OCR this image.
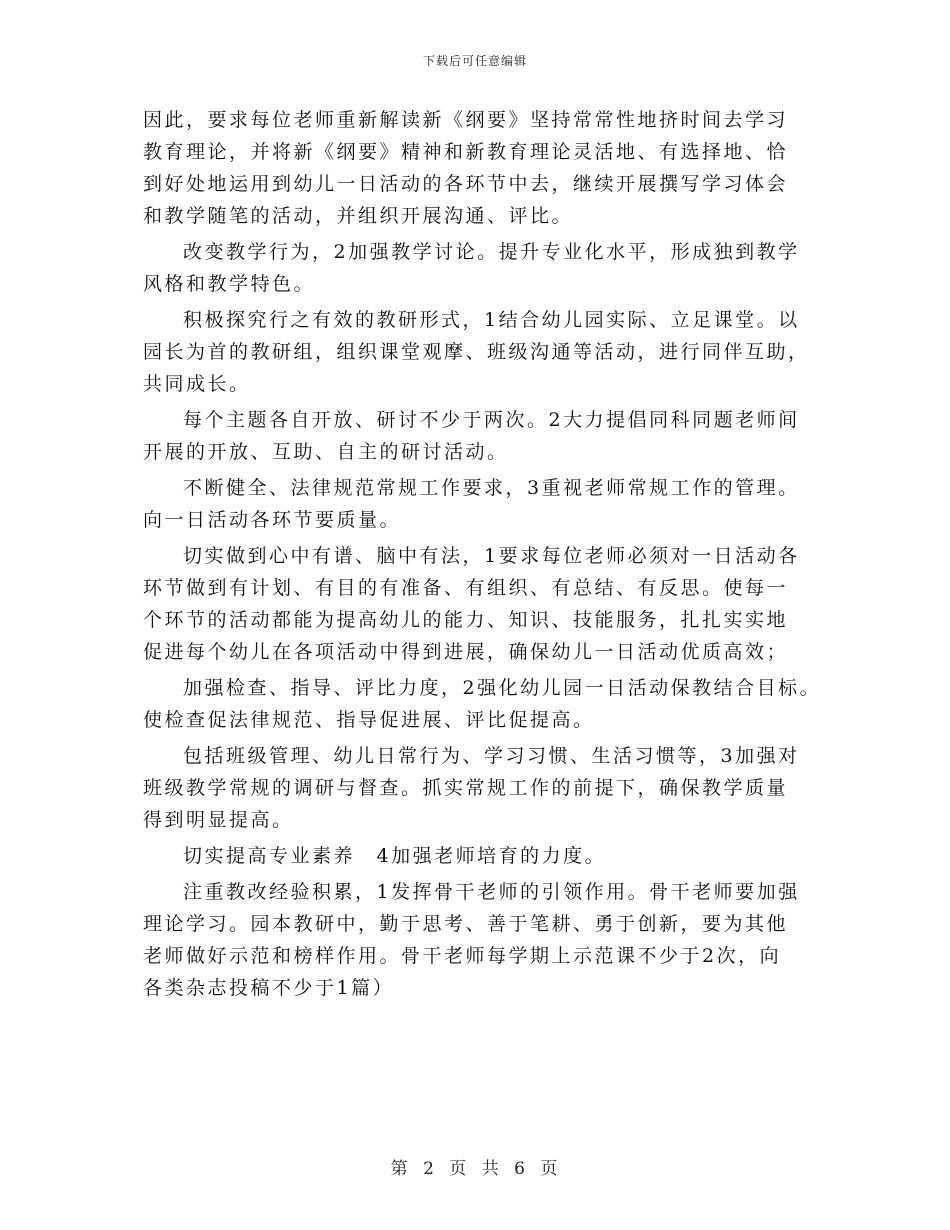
下载后可任意编辑

因此，要求每位老师重新解读新《纲要》坚持常常性地挤时间去学习
教育理论，并将新《纲要》精神和新教育理论灵活地、有选择地、恰
到好处地运用到幼儿一日活动的各环节中去，继续开展撰写学习体会
和教学随笔的活动，并组织开展沟通、评比。

改变教学行为，2加强教学讨论。提升专业化水平，形成独到教学
风格和教学特色。

积极探究行之有效的教研形式，1结合幼儿园实际、立足课堂。以
园长为首的教研组，组织课堂观摩、班级沟通等活动，进行同伴互助，
共同成长。

每个主题各自开放、研讨不少于两次。2大力提倡同科同题老师间
开展的开放、互助、自主的研讨活动。

不断健全、法律规范常规工作要求，3重视老师常规工作的管理。
向一日活动各环节要质量。

切实做到心中有谱、脑中有法，1要求每位老师必须对一日活动各
环节做到有计划、有目的有准备、有组织、有总结、有反思。使每一
个环节的活动都能为提高幼儿的能力、知识、技能服务，扎扎实实地
促进每个幼儿在各项活动中得到进展，确保幼儿一日活动优质高效；

加强检查、指导、评比力度，2强化幼儿园一日活动保教结合目标。
使检查促法律规范、指导促进展、评比促提高。

包括班级管理、幼儿日常行为、学习习惯、生活习惯等，3加强对
班级教学常规的调研与督查。抓实常规工作的前提下，确保教学质量
得到明显提高。

切实提高专业素养　4加强老师培育的力度。

注重教改经验积累，1发挥骨干老师的引领作用。骨干老师要加强
理论学习。园本教研中，勤于思考、善于笔耕、勇于创新，要为其他
老师做好示范和榜样作用。骨干老师每学期上示范课不少于2次，向
各类杂志投稿不少于1篇）

第 2 页 共 6 页
